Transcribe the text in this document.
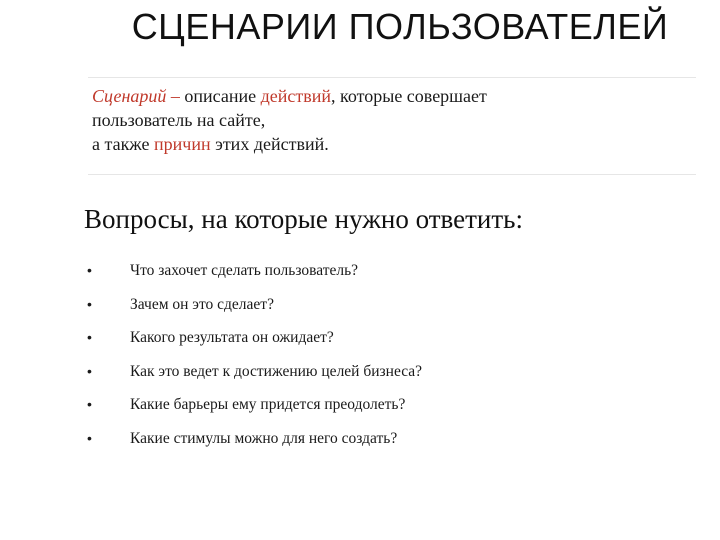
СЦЕНАРИИ ПОЛЬЗОВАТЕЛЕЙ
Сценарий – описание действий, которые совершает
пользователь на сайте,
а также причин этих действий.
Вопросы, на которые нужно ответить:
• Что захочет сделать пользователь?
• Зачем он это сделает?
• Какого результата он ожидает?
• Как это ведет к достижению целей бизнеса?
• Какие барьеры ему придется преодолеть?
• Какие стимулы можно для него создать?
